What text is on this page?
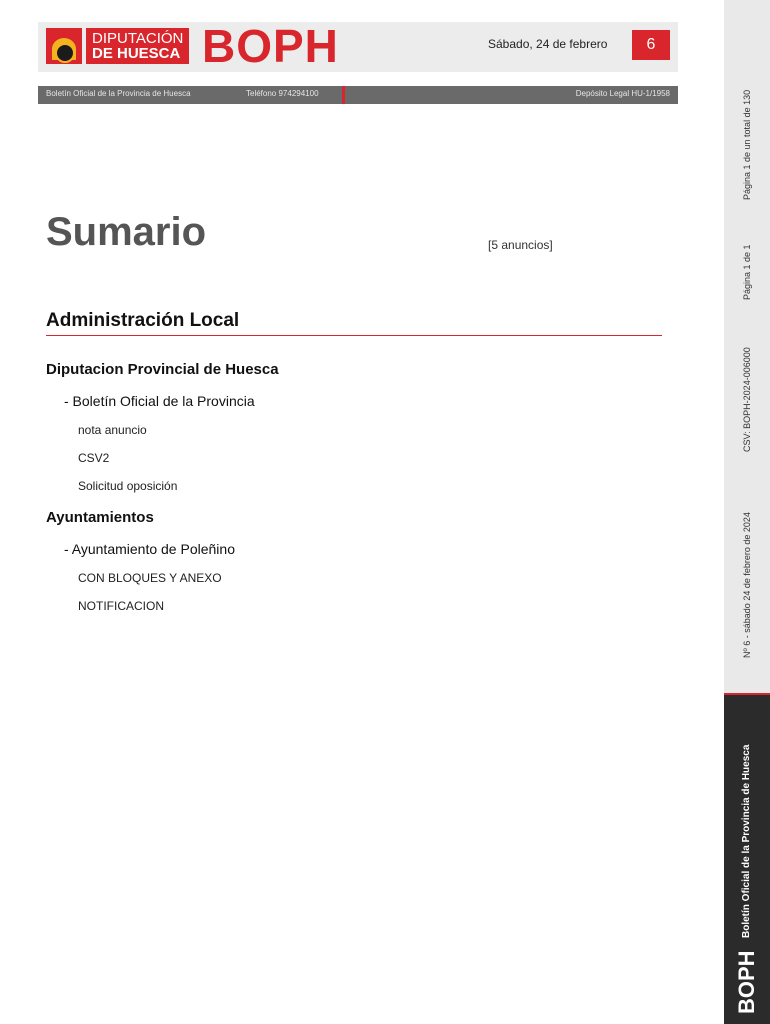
DIPUTACIÓN
DE HUESCA BOPH	Sábado, 24 de febrero	6
Boletín Oficial de la Provincia de Huesca	Teléfono 974294100	Depósito Legal HU-1/1958
Sumario	[5 anuncios]
Administración Local
Diputacion Provincial de Huesca
- Boletín Oficial de la Provincia
nota anuncio
CSV2
Solicitud oposición
Ayuntamientos
- Ayuntamiento de Poleñino
CON BLOQUES Y ANEXO
NOTIFICACION
Página 1 de un total de 130
Página 1 de 1
CSV: BOPH-2024-006000
Nº 6 - sábado 24 de febrero de 2024
BOPH
Boletín Oficial de la Provincia de Huesca
